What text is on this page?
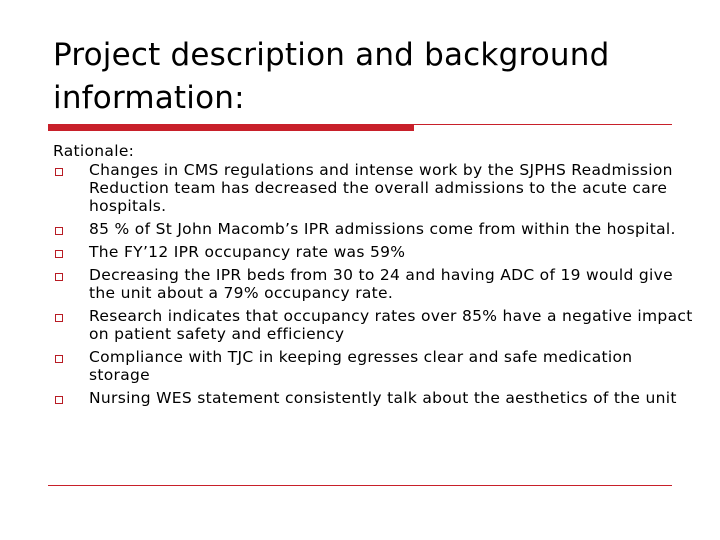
Project description and background
information:
Rationale:
Changes in CMS regulations and intense work by the SJPHS Readmission Reduction team has decreased the overall admissions to the acute care hospitals.
85 % of St John Macomb’s IPR admissions come from within the hospital.
The FY’12 IPR occupancy rate was 59%
Decreasing the IPR beds from 30 to 24 and having ADC of 19 would give the unit about a 79% occupancy rate.
Research indicates that occupancy rates over 85% have a negative impact on patient safety and efficiency
Compliance with TJC in keeping egresses clear and safe medication storage
Nursing WES statement consistently talk about the aesthetics of the unit
